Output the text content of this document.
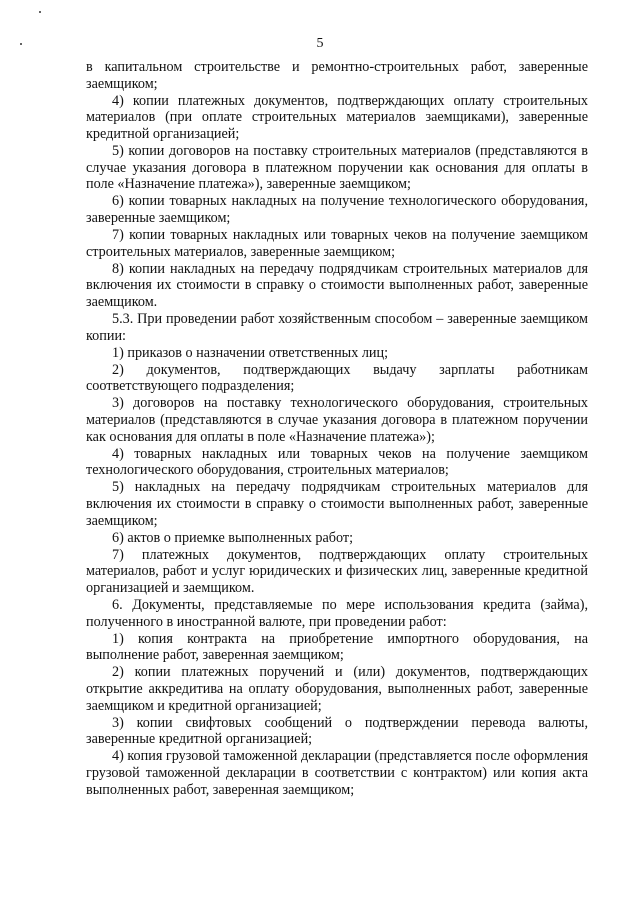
5

в капитальном строительстве и ремонтно-строительных работ, заверенные заемщиком;

4) копии платежных документов, подтверждающих оплату строительных материалов (при оплате строительных материалов заемщиками), заверенные кредитной организацией;

5) копии договоров на поставку строительных материалов (представляются в случае указания договора в платежном поручении как основания для оплаты в поле «Назначение платежа»), заверенные заемщиком;

6) копии товарных накладных на получение технологического оборудования, заверенные заемщиком;

7) копии товарных накладных или товарных чеков на получение заемщиком строительных материалов, заверенные заемщиком;

8) копии накладных на передачу подрядчикам строительных материалов для включения их стоимости в справку о стоимости выполненных работ, заверенные заемщиком.

5.3. При проведении работ хозяйственным способом – заверенные заемщиком копии:

1) приказов о назначении ответственных лиц;

2) документов, подтверждающих выдачу зарплаты работникам соответствующего подразделения;

3) договоров на поставку технологического оборудования, строительных материалов (представляются в случае указания договора в платежном поручении как основания для оплаты в поле «Назначение платежа»);

4) товарных накладных или товарных чеков на получение заемщиком технологического оборудования, строительных материалов;

5) накладных на передачу подрядчикам строительных материалов для включения их стоимости в справку о стоимости выполненных работ, заверенные заемщиком;

6) актов о приемке выполненных работ;

7) платежных документов, подтверждающих оплату строительных материалов, работ и услуг юридических и физических лиц, заверенные кредитной организацией и заемщиком.

6. Документы, представляемые по мере использования кредита (займа), полученного в иностранной валюте, при проведении работ:

1) копия контракта на приобретение импортного оборудования, на выполнение работ, заверенная заемщиком;

2) копии платежных поручений и (или) документов, подтверждающих открытие аккредитива на оплату оборудования, выполненных работ, заверенные заемщиком и кредитной организацией;

3) копии свифтовых сообщений о подтверждении перевода валюты, заверенные кредитной организацией;

4) копия грузовой таможенной декларации (представляется после оформления грузовой таможенной декларации в соответствии с контрактом) или копия акта выполненных работ, заверенная заемщиком;
